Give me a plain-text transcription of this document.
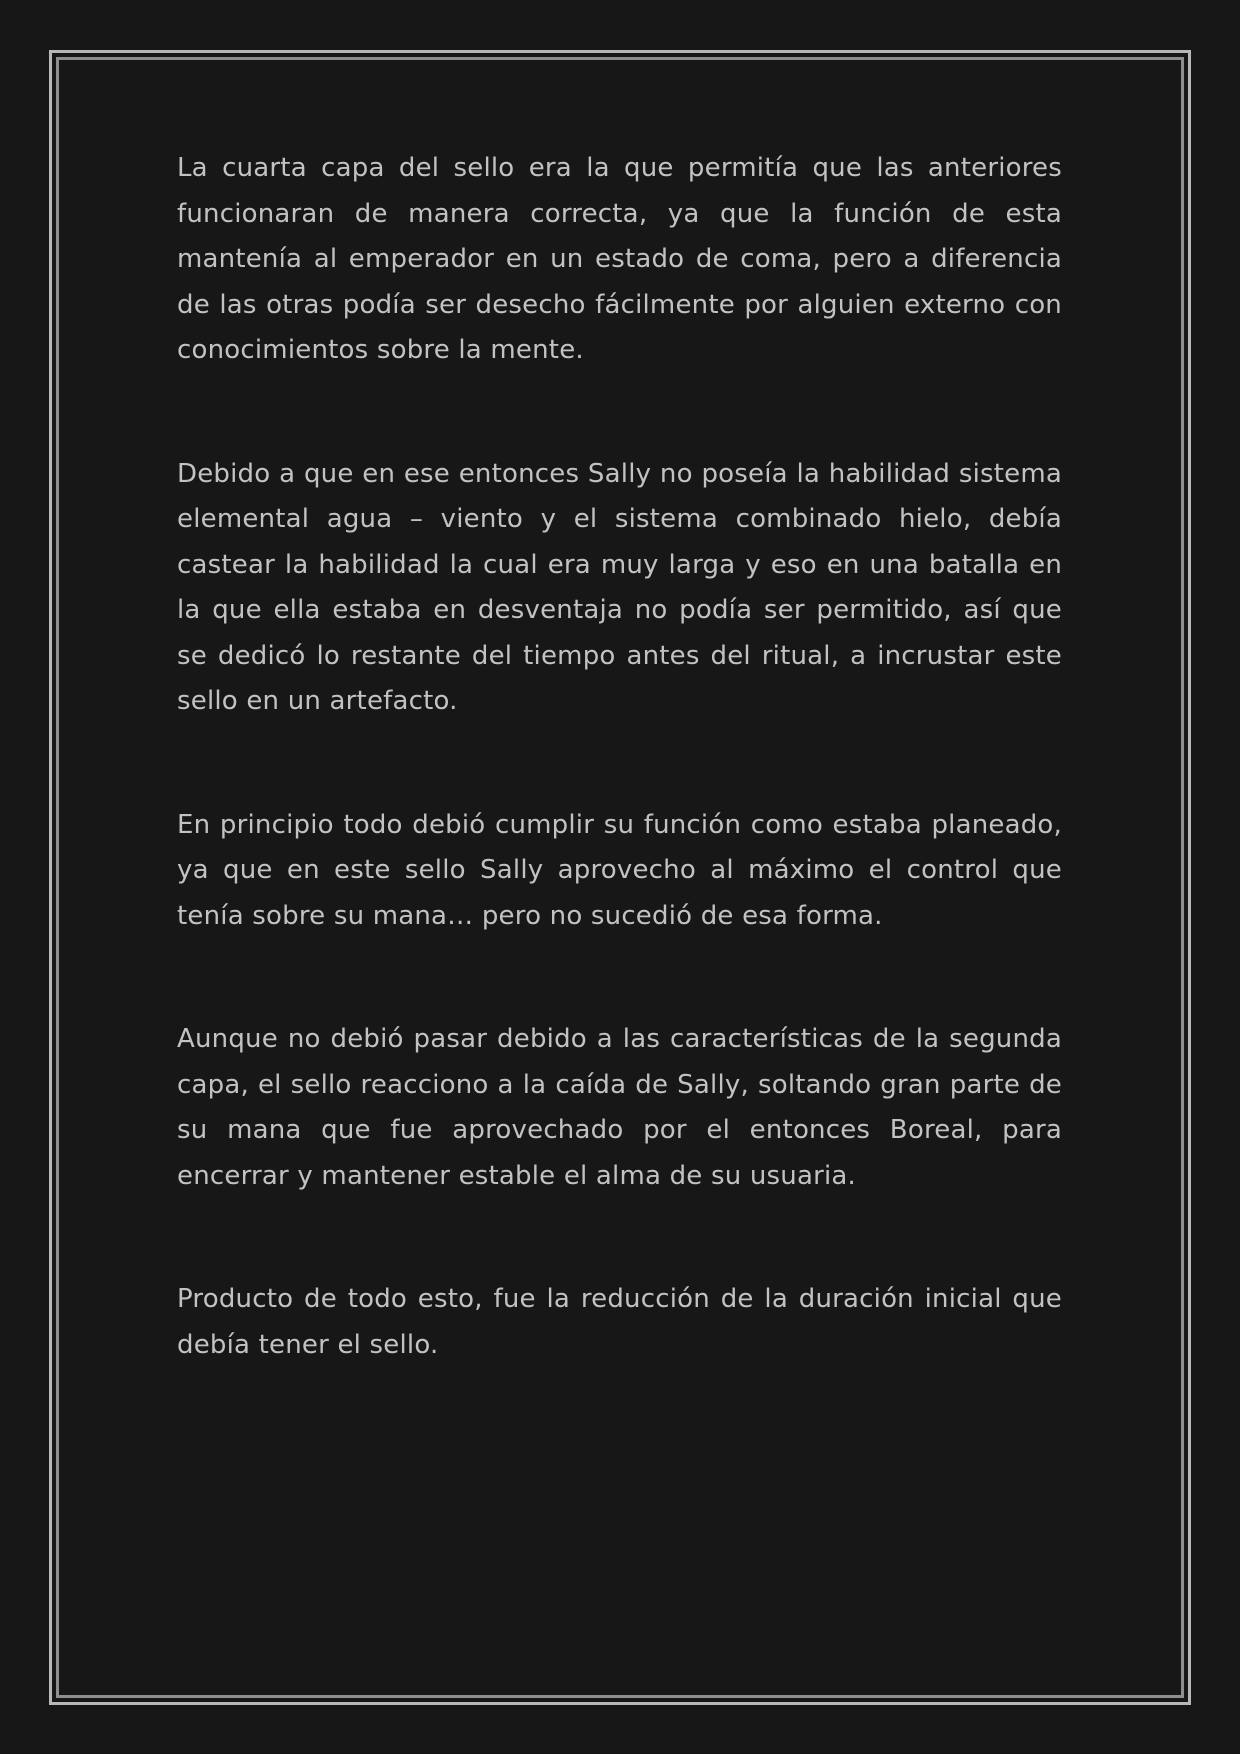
La cuarta capa del sello era la que permitía que las anteriores funcionaran de manera correcta, ya que la función de esta mantenía al emperador en un estado de coma, pero a diferencia de las otras podía ser desecho fácilmente por alguien externo con conocimientos sobre la mente.

Debido a que en ese entonces Sally no poseía la habilidad sistema elemental agua – viento y el sistema combinado hielo, debía castear la habilidad la cual era muy larga y eso en una batalla en la que ella estaba en desventaja no podía ser permitido, así que se dedicó lo restante del tiempo antes del ritual, a incrustar este sello en un artefacto.

En principio todo debió cumplir su función como estaba planeado, ya que en este sello Sally aprovecho al máximo el control que tenía sobre su mana… pero no sucedió de esa forma.

Aunque no debió pasar debido a las características de la segunda capa, el sello reacciono a la caída de Sally, soltando gran parte de su mana que fue aprovechado por el entonces Boreal, para encerrar y mantener estable el alma de su usuaria.

Producto de todo esto, fue la reducción de la duración inicial que debía tener el sello.
